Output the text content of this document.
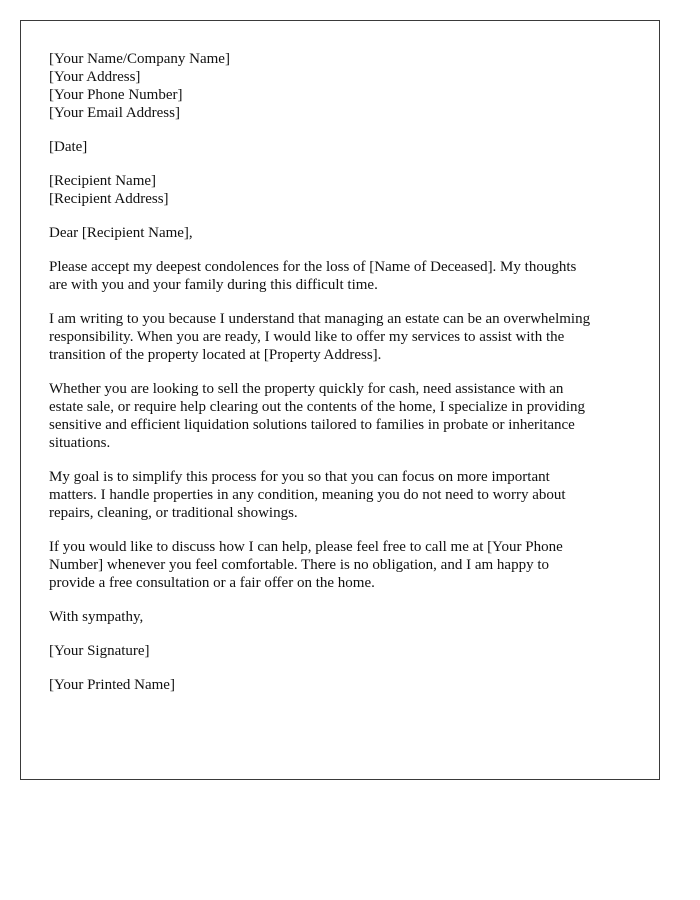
[Your Name/Company Name]
[Your Address]
[Your Phone Number]
[Your Email Address]
[Date]
[Recipient Name]
[Recipient Address]

Dear [Recipient Name],

Please accept my deepest condolences for the loss of [Name of Deceased]. My thoughts
are with you and your family during this difficult time.

I am writing to you because I understand that managing an estate can be an overwhelming
responsibility. When you are ready, I would like to offer my services to assist with the
transition of the property located at [Property Address].

Whether you are looking to sell the property quickly for cash, need assistance with an
estate sale, or require help clearing out the contents of the home, I specialize in providing
sensitive and efficient liquidation solutions tailored to families in probate or inheritance
situations.

My goal is to simplify this process for you so that you can focus on more important
matters. I handle properties in any condition, meaning you do not need to worry about
repairs, cleaning, or traditional showings.

If you would like to discuss how I can help, please feel free to call me at [Your Phone
Number] whenever you feel comfortable. There is no obligation, and I am happy to
provide a free consultation or a fair offer on the home.

With sympathy,

[Your Signature]

[Your Printed Name]
